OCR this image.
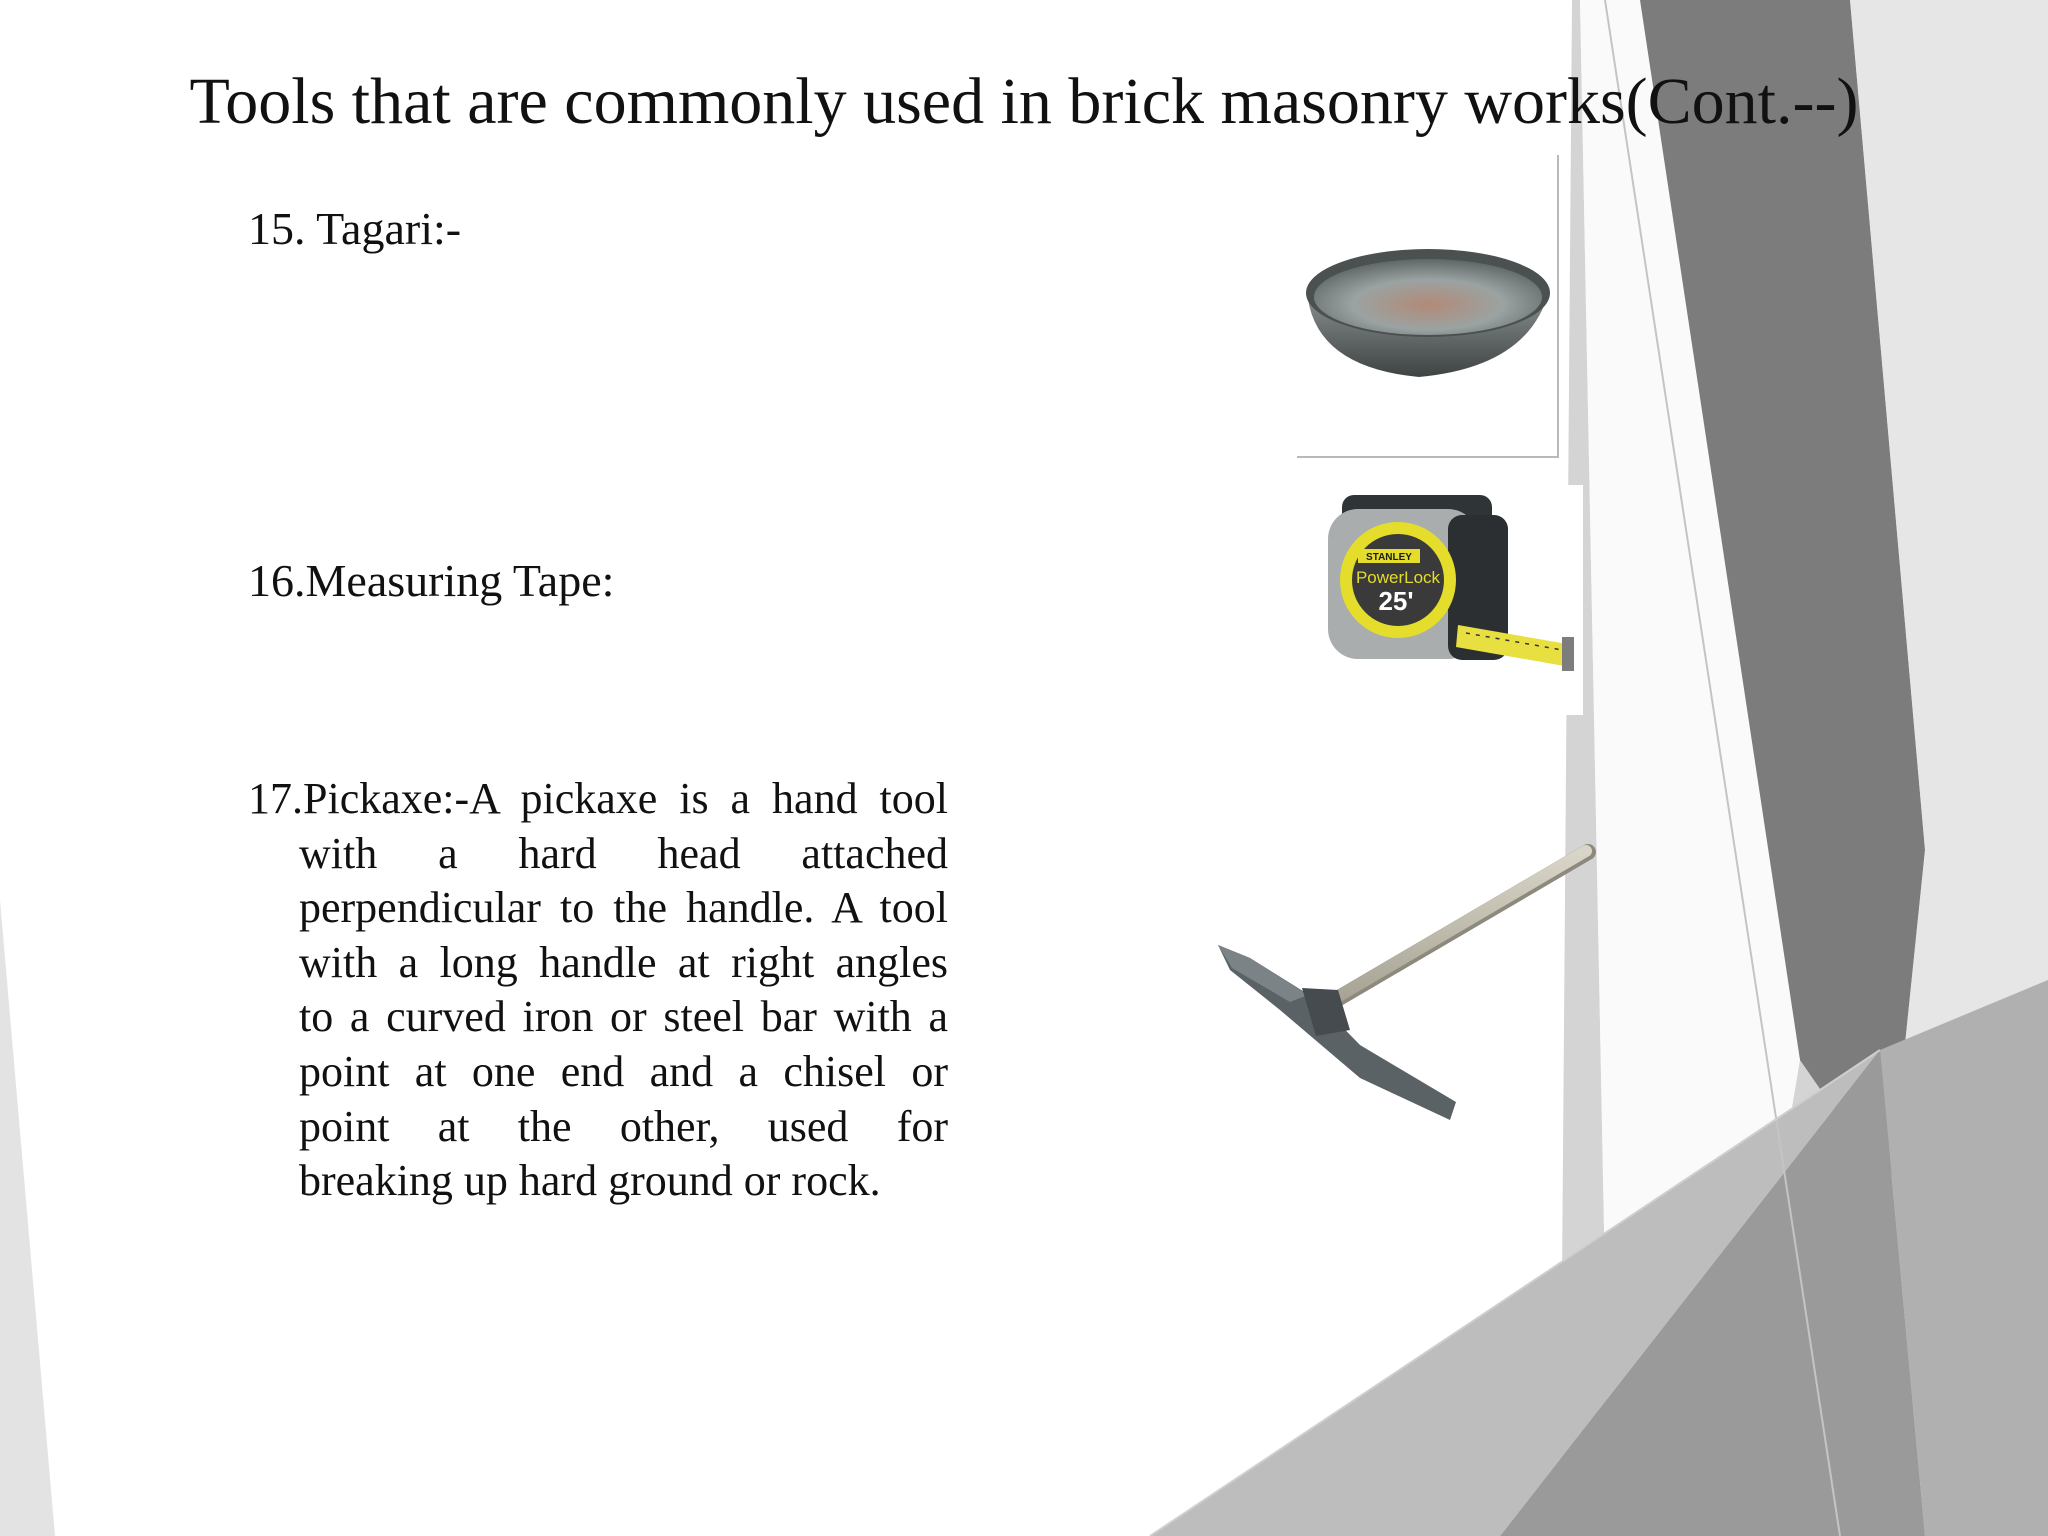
Tools that are commonly used in brick masonry works(Cont.--)
15. Tagari:-
16.Measuring Tape:
17.Pickaxe:-A pickaxe is a hand tool
with a hard head attached
perpendicular to the handle. A tool
with a long handle at right angles
to a curved iron or steel bar with a
point at one end and a chisel or
point at the other, used for
breaking up hard ground or rock.
STANLEY
PowerLock
25'
